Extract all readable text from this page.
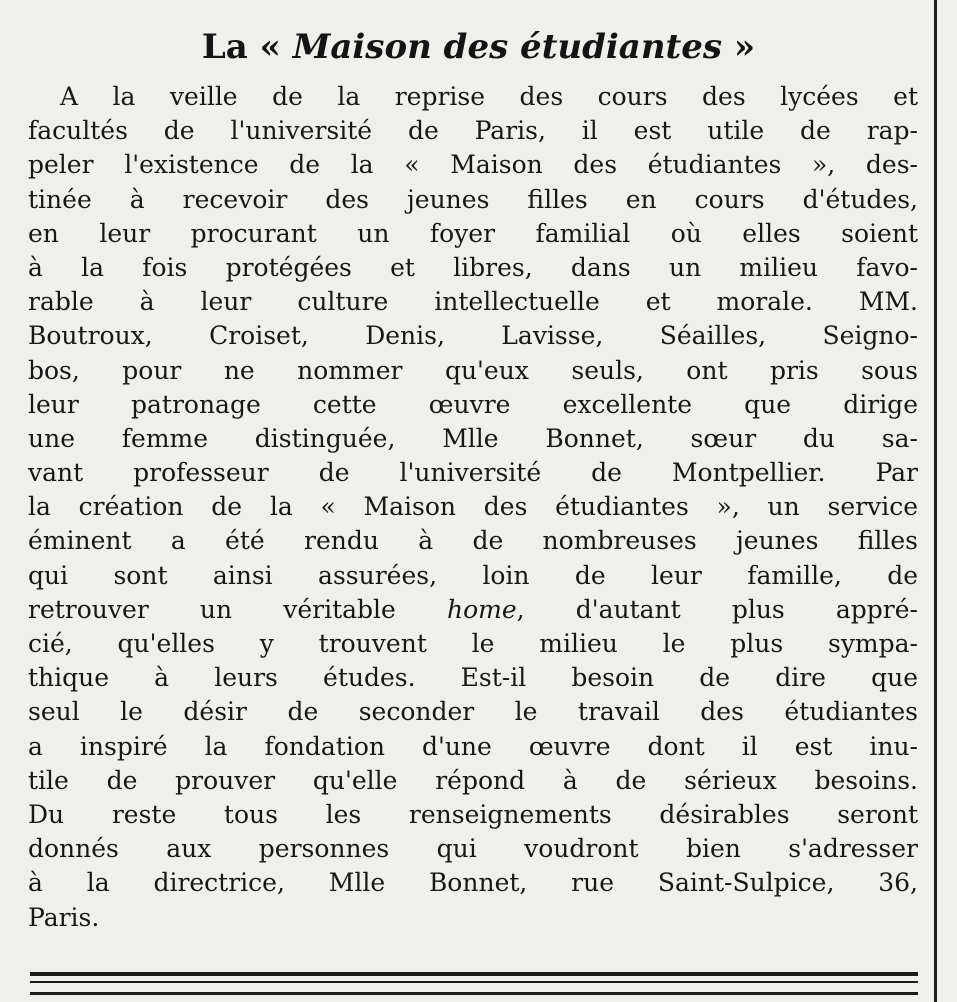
La « Maison des étudiantes »
A la veille de la reprise des cours des lycées et
facultés de l'université de Paris, il est utile de rap-
peler l'existence de la « Maison des étudiantes », des-
tinée à recevoir des jeunes filles en cours d'études,
en leur procurant un foyer familial où elles soient
à la fois protégées et libres, dans un milieu favo-
rable à leur culture intellectuelle et morale. MM.
Boutroux, Croiset, Denis, Lavisse, Séailles, Seigno-
bos, pour ne nommer qu'eux seuls, ont pris sous
leur patronage cette œuvre excellente que dirige
une femme distinguée, Mlle Bonnet, sœur du sa-
vant professeur de l'université de Montpellier. Par
la création de la « Maison des étudiantes », un service
éminent a été rendu à de nombreuses jeunes filles
qui sont ainsi assurées, loin de leur famille, de
retrouver un véritable home, d'autant plus appré-
cié, qu'elles y trouvent le milieu le plus sympa-
thique à leurs études. Est-il besoin de dire que
seul le désir de seconder le travail des étudiantes
a inspiré la fondation d'une œuvre dont il est inu-
tile de prouver qu'elle répond à de sérieux besoins.
Du reste tous les renseignements désirables seront
donnés aux personnes qui voudront bien s'adresser
à la directrice, Mlle Bonnet, rue Saint-Sulpice, 36,
Paris.
